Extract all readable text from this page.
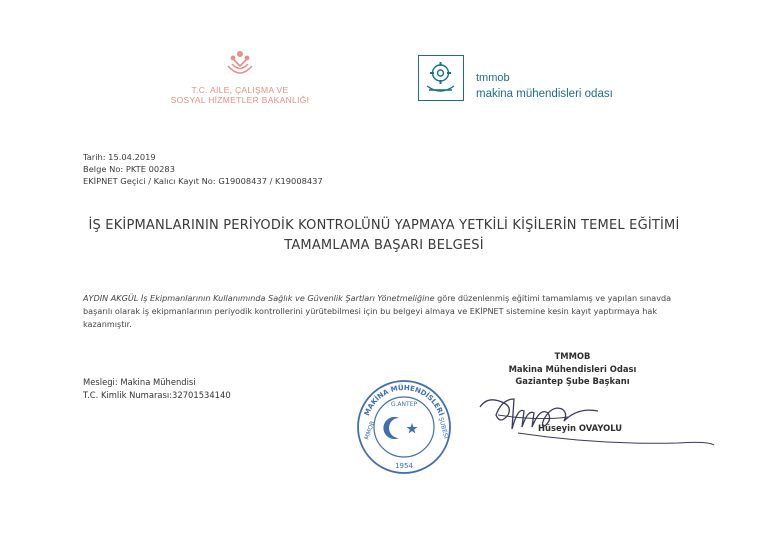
T.C. AİLE, ÇALIŞMA VE
SOSYAL HİZMETLER BAKANLIĞI
tmmob
makina mühendisleri odası
Tarih: 15.04.2019
Belge No: PKTE 00283
EKİPNET Geçici / Kalıcı Kayıt No: G19008437 / K19008437
İŞ EKİPMANLARININ PERİYODİK KONTROLÜNÜ YAPMAYA YETKİLİ KİŞİLERİN TEMEL EĞİTİMİ
TAMAMLAMA BAŞARI BELGESİ
AYDIN AKGÜL İş Ekipmanlarının Kullanımında Sağlık ve Güvenlik Şartları Yönetmeliğine göre düzenlenmiş eğitimi tamamlamış ve yapılan sınavda başarılı olarak iş ekipmanlarının periyodik kontrollerini yürütebilmesi için bu belgeyi almaya ve EKİPNET sistemine kesin kayıt yaptırmaya hak kazanmıştır.
Meslegi: Makina Mühendisi
T.C. Kimlik Numarası:32701534140
TMMOB
Makina Mühendisleri Odası
Gaziantep Şube Başkanı
Hüseyin OVAYOLU
MAKİNA MÜHENDİSLERİ
G.ANTEP
MMOB	ŞUBESİ
1954
